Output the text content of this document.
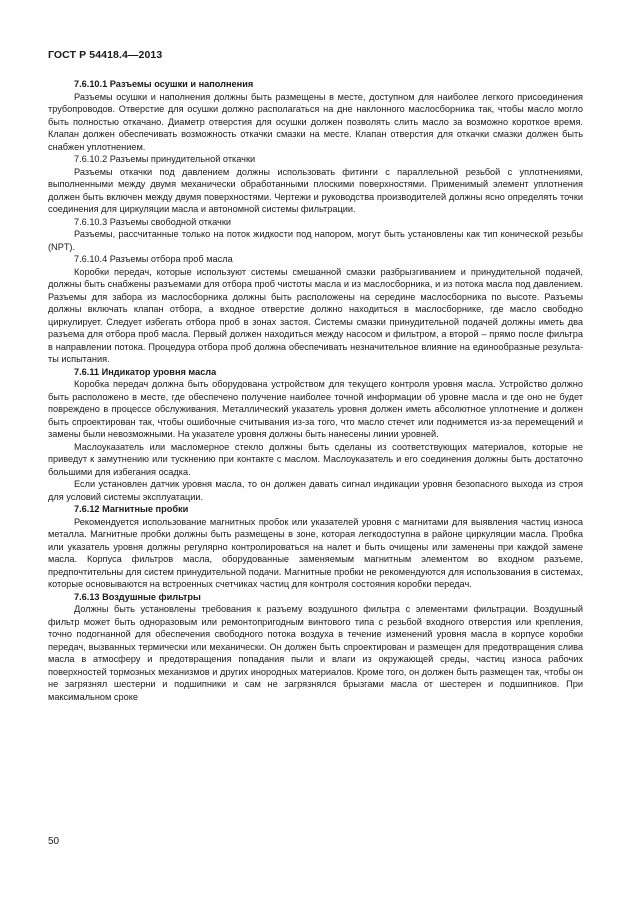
ГОСТ Р 54418.4—2013

7.6.10.1 Разъемы осушки и наполнения

Разъемы осушки и наполнения должны быть размещены в месте, доступном для наиболее легкого присоединения трубопроводов. Отверстие для осушки должно располагаться на дне наклонного маслосборника так, чтобы масло могло быть полностью откачано. Диаметр отверстия для осушки должен позволять слить масло за возможно короткое время. Клапан должен обеспечивать возможность откачки смазки на месте. Клапан отверстия для откачки смазки должен быть снабжен уплотнением.

7.6.10.2 Разъемы принудительной откачки

Разъемы откачки под давлением должны использовать фитинги с параллельной резьбой с уплотнениями, выполненными между двумя механически обработанными плоскими поверхностями. Применимый элемент уплотнения должен быть включен между двумя поверхностями. Чертежи и руководства производителей должны ясно определять точки соединения для циркуляции масла и автономной системы фильтрации.

7.6.10.3 Разъемы свободной откачки

Разъемы, рассчитанные только на поток жидкости под напором, могут быть установлены как тип конической резьбы (NPT).

7.6.10.4 Разъемы отбора проб масла

Коробки передач, которые используют системы смешанной смазки разбрызгиванием и принудительной подачей, должны быть снабжены разъемами для отбора проб чистоты масла и из маслосборника, и из потока масла под давлением. Разъемы для забора из маслосборника должны быть расположены на середине маслосборника по высоте. Разъемы должны включать клапан отбора, а входное отверстие должно находиться в маслосборнике, где масло свободно циркулирует. Следует избегать отбора проб в зонах застоя. Системы смазки принудительной подачей должны иметь два разъема для отбора проб масла. Первый должен находиться между насосом и фильтром, а второй – прямо после фильтра в направлении потока. Процедура отбора проб должна обеспечивать незначительное влияние на единообразные результаты испытания.

7.6.11 Индикатор уровня масла

Коробка передач должна быть оборудована устройством для текущего контроля уровня масла. Устройство должно быть расположено в месте, где обеспечено получение наиболее точной информации об уровне масла и где оно не будет повреждено в процессе обслуживания. Металлический указатель уровня должен иметь абсолютное уплотнение и должен быть спроектирован так, чтобы ошибочные считывания из-за того, что масло стечет или поднимется из-за перемещений и замены были невозможными. На указателе уровня должны быть нанесены линии уровней.

Маслоуказатель или масломерное стекло должны быть сделаны из соответствующих материалов, которые не приведут к замутнению или тускнению при контакте с маслом. Маслоуказатель и его соединения должны быть достаточно большими для избегания осадка.

Если установлен датчик уровня масла, то он должен давать сигнал индикации уровня безопасного выхода из строя для условий системы эксплуатации.

7.6.12 Магнитные пробки

Рекомендуется использование магнитных пробок или указателей уровня с магнитами для выявления частиц износа металла. Магнитные пробки должны быть размещены в зоне, которая легкодоступна в районе циркуляции масла. Пробка или указатель уровня должны регулярно контролироваться на налет и быть очищены или заменены при каждой замене масла. Корпуса фильтров масла, оборудованные заменяемым магнитным элементом во входном разъеме, предпочтительны для систем принудительной подачи. Магнитные пробки не рекомендуются для использования в системах, которые основываются на встроенных счетчиках частиц для контроля состояния коробки передач.

7.6.13 Воздушные фильтры

Должны быть установлены требования к разъему воздушного фильтра с элементами фильтрации. Воздушный фильтр может быть одноразовым или ремонтопригодным винтового типа с резьбой входного отверстия или крепления, точно подогнанной для обеспечения свободного потока воздуха в течение изменений уровня масла в корпусе коробки передач, вызванных термически или механически. Он должен быть спроектирован и размещен для предотвращения слива масла в атмосферу и предотвращения попадания пыли и влаги из окружающей среды, частиц износа рабочих поверхностей тормозных механизмов и других инородных материалов. Кроме того, он должен быть размещен так, чтобы он не загрязнял шестерни и подшипники и сам не загрязнялся брызгами масла от шестерен и подшипников. При максимальном сроке

50
